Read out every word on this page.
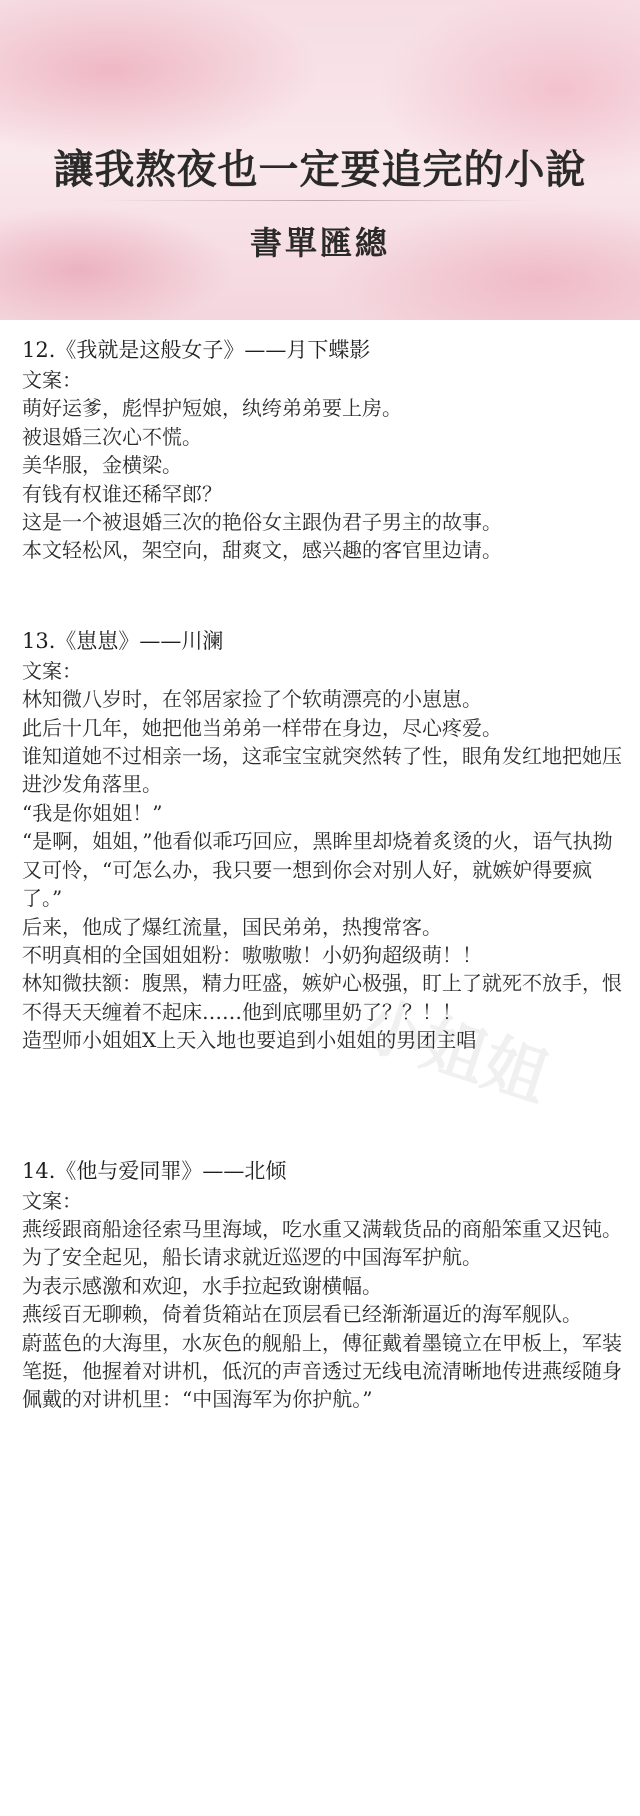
讓我熬夜也一定要追完的小說
書單匯總
小姐姐
12.《我就是这般女子》——月下蝶影
文案：
萌好运爹，彪悍护短娘，纨绔弟弟要上房。
被退婚三次心不慌。
美华服，金横梁。
有钱有权谁还稀罕郎？
这是一个被退婚三次的艳俗女主跟伪君子男主的故事。
本文轻松风，架空向，甜爽文，感兴趣的客官里边请。
13.《崽崽》——川澜
文案：
林知微八岁时，在邻居家捡了个软萌漂亮的小崽崽。
此后十几年，她把他当弟弟一样带在身边，尽心疼爱。
谁知道她不过相亲一场，这乖宝宝就突然转了性，眼角发红地把她压进沙发角落里。
“我是你姐姐！”
“是啊，姐姐，”他看似乖巧回应，黑眸里却烧着炙烫的火，语气执拗又可怜，“可怎么办，我只要一想到你会对别人好，就嫉妒得要疯了。”
后来，他成了爆红流量，国民弟弟，热搜常客。
不明真相的全国姐姐粉：嗷嗷嗷！小奶狗超级萌！！
林知微扶额：腹黑，精力旺盛，嫉妒心极强，盯上了就死不放手，恨不得天天缠着不起床……他到底哪里奶了？？！！
造型师小姐姐X上天入地也要追到小姐姐的男团主唱
14.《他与爱同罪》——北倾
文案：
燕绥跟商船途径索马里海域，吃水重又满载货品的商船笨重又迟钝。为了安全起见，船长请求就近巡逻的中国海军护航。
为表示感激和欢迎，水手拉起致谢横幅。
燕绥百无聊赖，倚着货箱站在顶层看已经渐渐逼近的海军舰队。
蔚蓝色的大海里，水灰色的舰船上，傅征戴着墨镜立在甲板上，军装笔挺，他握着对讲机，低沉的声音透过无线电流清晰地传进燕绥随身佩戴的对讲机里：“中国海军为你护航。”
